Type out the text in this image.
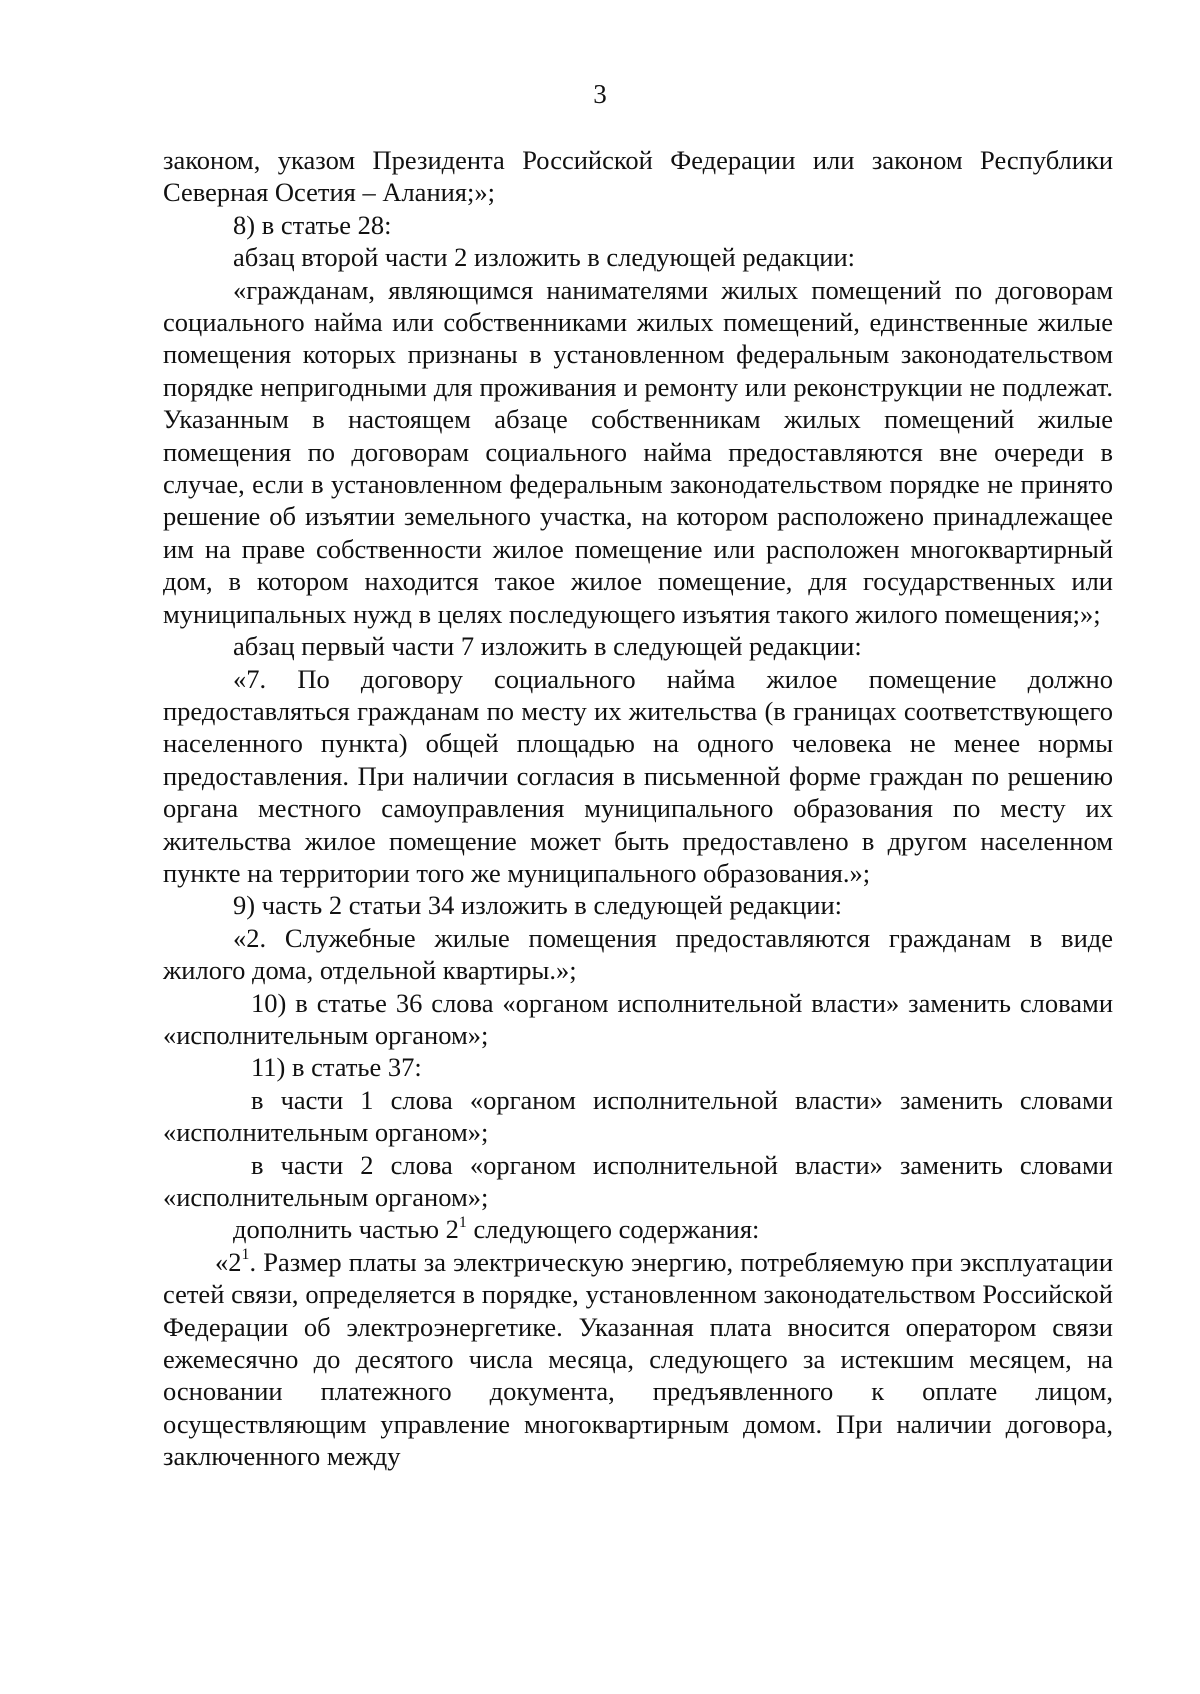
3

законом, указом Президента Российской Федерации или законом Республики Северная Осетия – Алания;»;

8) в статье 28:

абзац второй части 2 изложить в следующей редакции:

«гражданам, являющимся нанимателями жилых помещений по договорам социального найма или собственниками жилых помещений, единственные жилые помещения которых признаны в установленном федеральным законодательством порядке непригодными для проживания и ремонту или реконструкции не подлежат. Указанным в настоящем абзаце собственникам жилых помещений жилые помещения по договорам социального найма предоставляются вне очереди в случае, если в установленном федеральным законодательством порядке не принято решение об изъятии земельного участка, на котором расположено принадлежащее им на праве собственности жилое помещение или расположен многоквартирный дом, в котором находится такое жилое помещение, для государственных или муниципальных нужд в целях последующего изъятия такого жилого помещения;»;

абзац первый части 7 изложить в следующей редакции:

«7. По договору социального найма жилое помещение должно предоставляться гражданам по месту их жительства (в границах соответствующего населенного пункта) общей площадью на одного человека не менее нормы предоставления. При наличии согласия в письменной форме граждан по решению органа местного самоуправления муниципального образования по месту их жительства жилое помещение может быть предоставлено в другом населенном пункте на территории того же муниципального образования.»;

9) часть 2 статьи 34 изложить в следующей редакции:

«2. Служебные жилые помещения предоставляются гражданам в виде жилого дома, отдельной квартиры.»;

10) в статье 36 слова «органом исполнительной власти» заменить словами «исполнительным органом»;

11) в статье 37:

в части 1 слова «органом исполнительной власти» заменить словами «исполнительным органом»;

в части 2 слова «органом исполнительной власти» заменить словами «исполнительным органом»;

дополнить частью $2^1$ следующего содержания:

«$2^1$. Размер платы за электрическую энергию, потребляемую при эксплуатации сетей связи, определяется в порядке, установленном законодательством Российской Федерации об электроэнергетике. Указанная плата вносится оператором связи ежемесячно до десятого числа месяца, следующего за истекшим месяцем, на основании платежного документа, предъявленного к оплате лицом, осуществляющим управление многоквартирным домом. При наличии договора, заключенного между
